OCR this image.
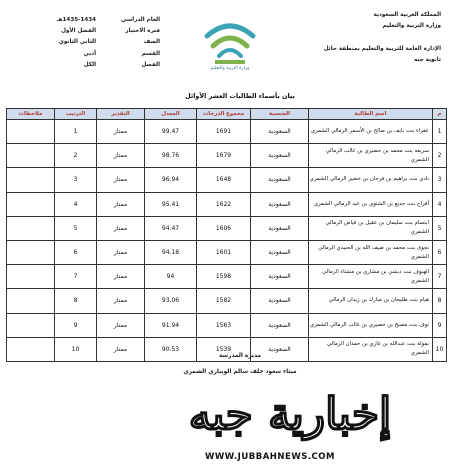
المملكة العربية السعودية
وزارة التربية والتعليم
الإدارة العامة للتربية والتعليم بمنطقة حائل
ثانوية جبه
وزارة التربية والتعليم
العام الدراسي
1435-1434هـ
فترة الاختبار
الفصل الأول
الصف
الثاني الثانوي
القسم
أدبي
الفصل
الكل
بيان بأسماء الطالبات العشر الأوائل
م	اسم الطالبة	الجنسية	مجموع الدرجات	المعدل	التقدير	الترتيب	ملاحظات
1	عفراء بنت نايف بن صالح بن الأسمر الرمالي الشمري	السعودية	1691	99.47	ممتاز	1	
2	سريعه بنت محمد بن حضيري بن غالب الرمالي الشمري	السعودية	1679	98.76	ممتاز	2	
3	نادي بنت براهيم بن فرحان بن خضير الرمالي الشمري	السعودية	1648	96.94	ممتاز	3	
4	أفراح بنت جديع بن الشتوي بن عيد الرمالي الشمري	السعودية	1622	95.41	ممتاز	4	
5	ابتسام بنت سليمان بن عقيل بن فياض الرمالي الشمري	السعودية	1606	94.47	ممتاز	5	
6	نجوى بنت محمد بن ضيف الله بن الحبيدي الرمالي الشمري	السعودية	1601	94.18	ممتاز	6	
7	الهنوف بنت دبشي بن مشاري بن مشناء الرمالي الشمري	السعودية	1598	94	ممتاز	7	
8	هيام بنت طليحان بن مبارك بن زيدان الرمالي	السعودية	1582	93.06	ممتاز	8	
9	نوف بنت مصيخ بن حضيري بن غالب الرمالي الشمري	السعودية	1563	91.94	ممتاز	9	
10	نمولة بنت عبدالله بن غازي بن حمدان الرمالي الشمري	السعودية	1539	90.53	ممتاز	10	
مديرة المدرسة
ميثاء سعود خلف سالم الويباري الشمري
إخبارية جبه
WWW.JUBBAHNEWS.COM
